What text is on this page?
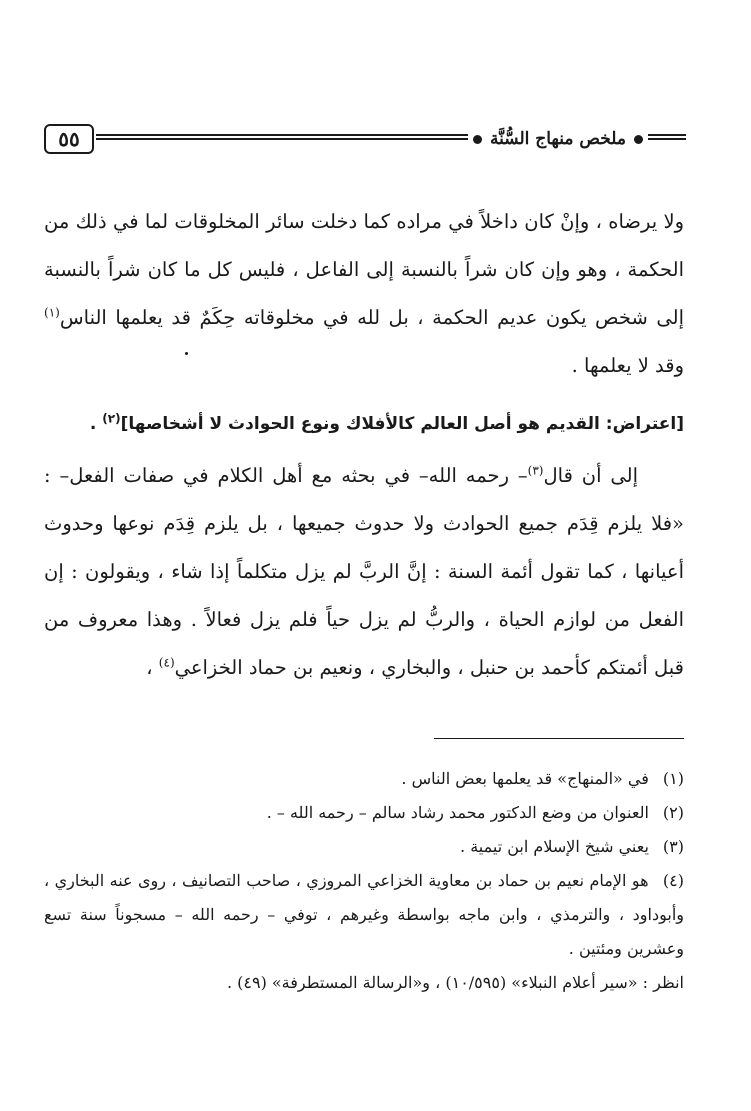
٥٥	ملخص منهاج السُّنَّة

ولا يرضاه ، وإنْ كان داخلاً في مراده كما دخلت سائر المخلوقات لما في ذلك من الحكمة ، وهو وإن كان شراً بالنسبة إلى الفاعل ، فليس كل ما كان شراً بالنسبة إلى شخص يكون عديم الحكمة ، بل لله في مخلوقاته حِكَمٌ قد يعلمها الناس$^{(١)}$ وقد لا يعلمها .

[اعتراض: القديم هو أصل العالم كالأفلاك ونوع الحوادث لا أشخاصها]$^{(٢)}$ .

إلى أن قال$^{(٣)}$– رحمه الله– في بحثه مع أهل الكلام في صفات الفعل– : «فلا يلزم قِدَم جميع الحوادث ولا حدوث جميعها ، بل يلزم قِدَم نوعها وحدوث أعيانها ، كما تقول أئمة السنة : إنَّ الربَّ لم يزل متكلماً إذا شاء ، ويقولون : إن الفعل من لوازم الحياة ، والربُّ لم يزل حياً فلم يزل فعالاً . وهذا معروف من قبل أئمتكم كأحمد بن حنبل ، والبخاري ، ونعيم بن حماد الخزاعي$^{(٤)}$ ،

(١) في «المنهاج» قد يعلمها بعض الناس .

(٢) العنوان من وضع الدكتور محمد رشاد سالم – رحمه الله – .

(٣) يعني شيخ الإسلام ابن تيمية .

(٤) هو الإمام نعيم بن حماد بن معاوية الخزاعي المروزي ، صاحب التصانيف ، روى عنه البخاري ، وأبوداود ، والترمذي ، وابن ماجه بواسطة وغيرهم ، توفي – رحمه الله – مسجوناً سنة تسع وعشرين ومئتين .

انظر : «سير أعلام النبلاء» (١٠/٥٩٥) ، و«الرسالة المستطرفة» (٤٩) .
